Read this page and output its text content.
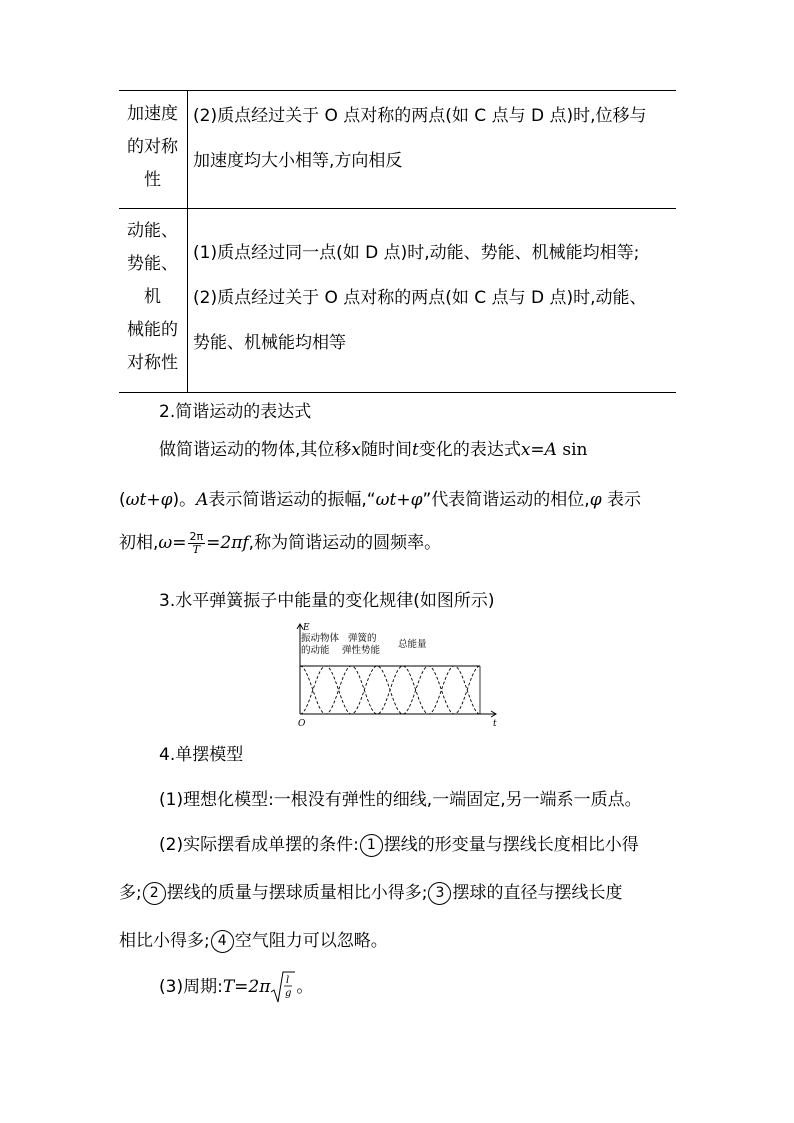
加速度
的对称
性
(2)质点经过关于 O 点对称的两点(如 C 点与 D 点)时,位移与
加速度均大小相等,方向相反
动能、
势能、
机
械能的
对称性
(1)质点经过同一点(如 D 点)时,动能、势能、机械能均相等;
(2)质点经过关于 O 点对称的两点(如 C 点与 D 点)时,动能、
势能、机械能均相等
2.简谐运动的表达式
做简谐运动的物体,其位移x随时间t变化的表达式x=A sin
(ωt+φ)。A表示简谐运动的振幅,“ωt+φ”代表简谐运动的相位,φ 表示
初相$,\omega= \frac{2\pi}{T} =2\pi f$,称为简谐运动的圆频率。
3.水平弹簧振子中能量的变化规律(如图所示)
E
t
O
振动物体
的动能
弹簧的
弹性势能
总能量
4.单摆模型
(1)理想化模型:一根没有弹性的细线,一端固定,另一端系一质点。
(2)实际摆看成单摆的条件: 1 摆线的形变量与摆线长度相比小得
多; 2 摆线的质量与摆球质量相比小得多; 3 摆球的直径与摆线长度
相比小得多; 4 空气阻力可以忽略。
(3)周期:T=2π l
g 。
